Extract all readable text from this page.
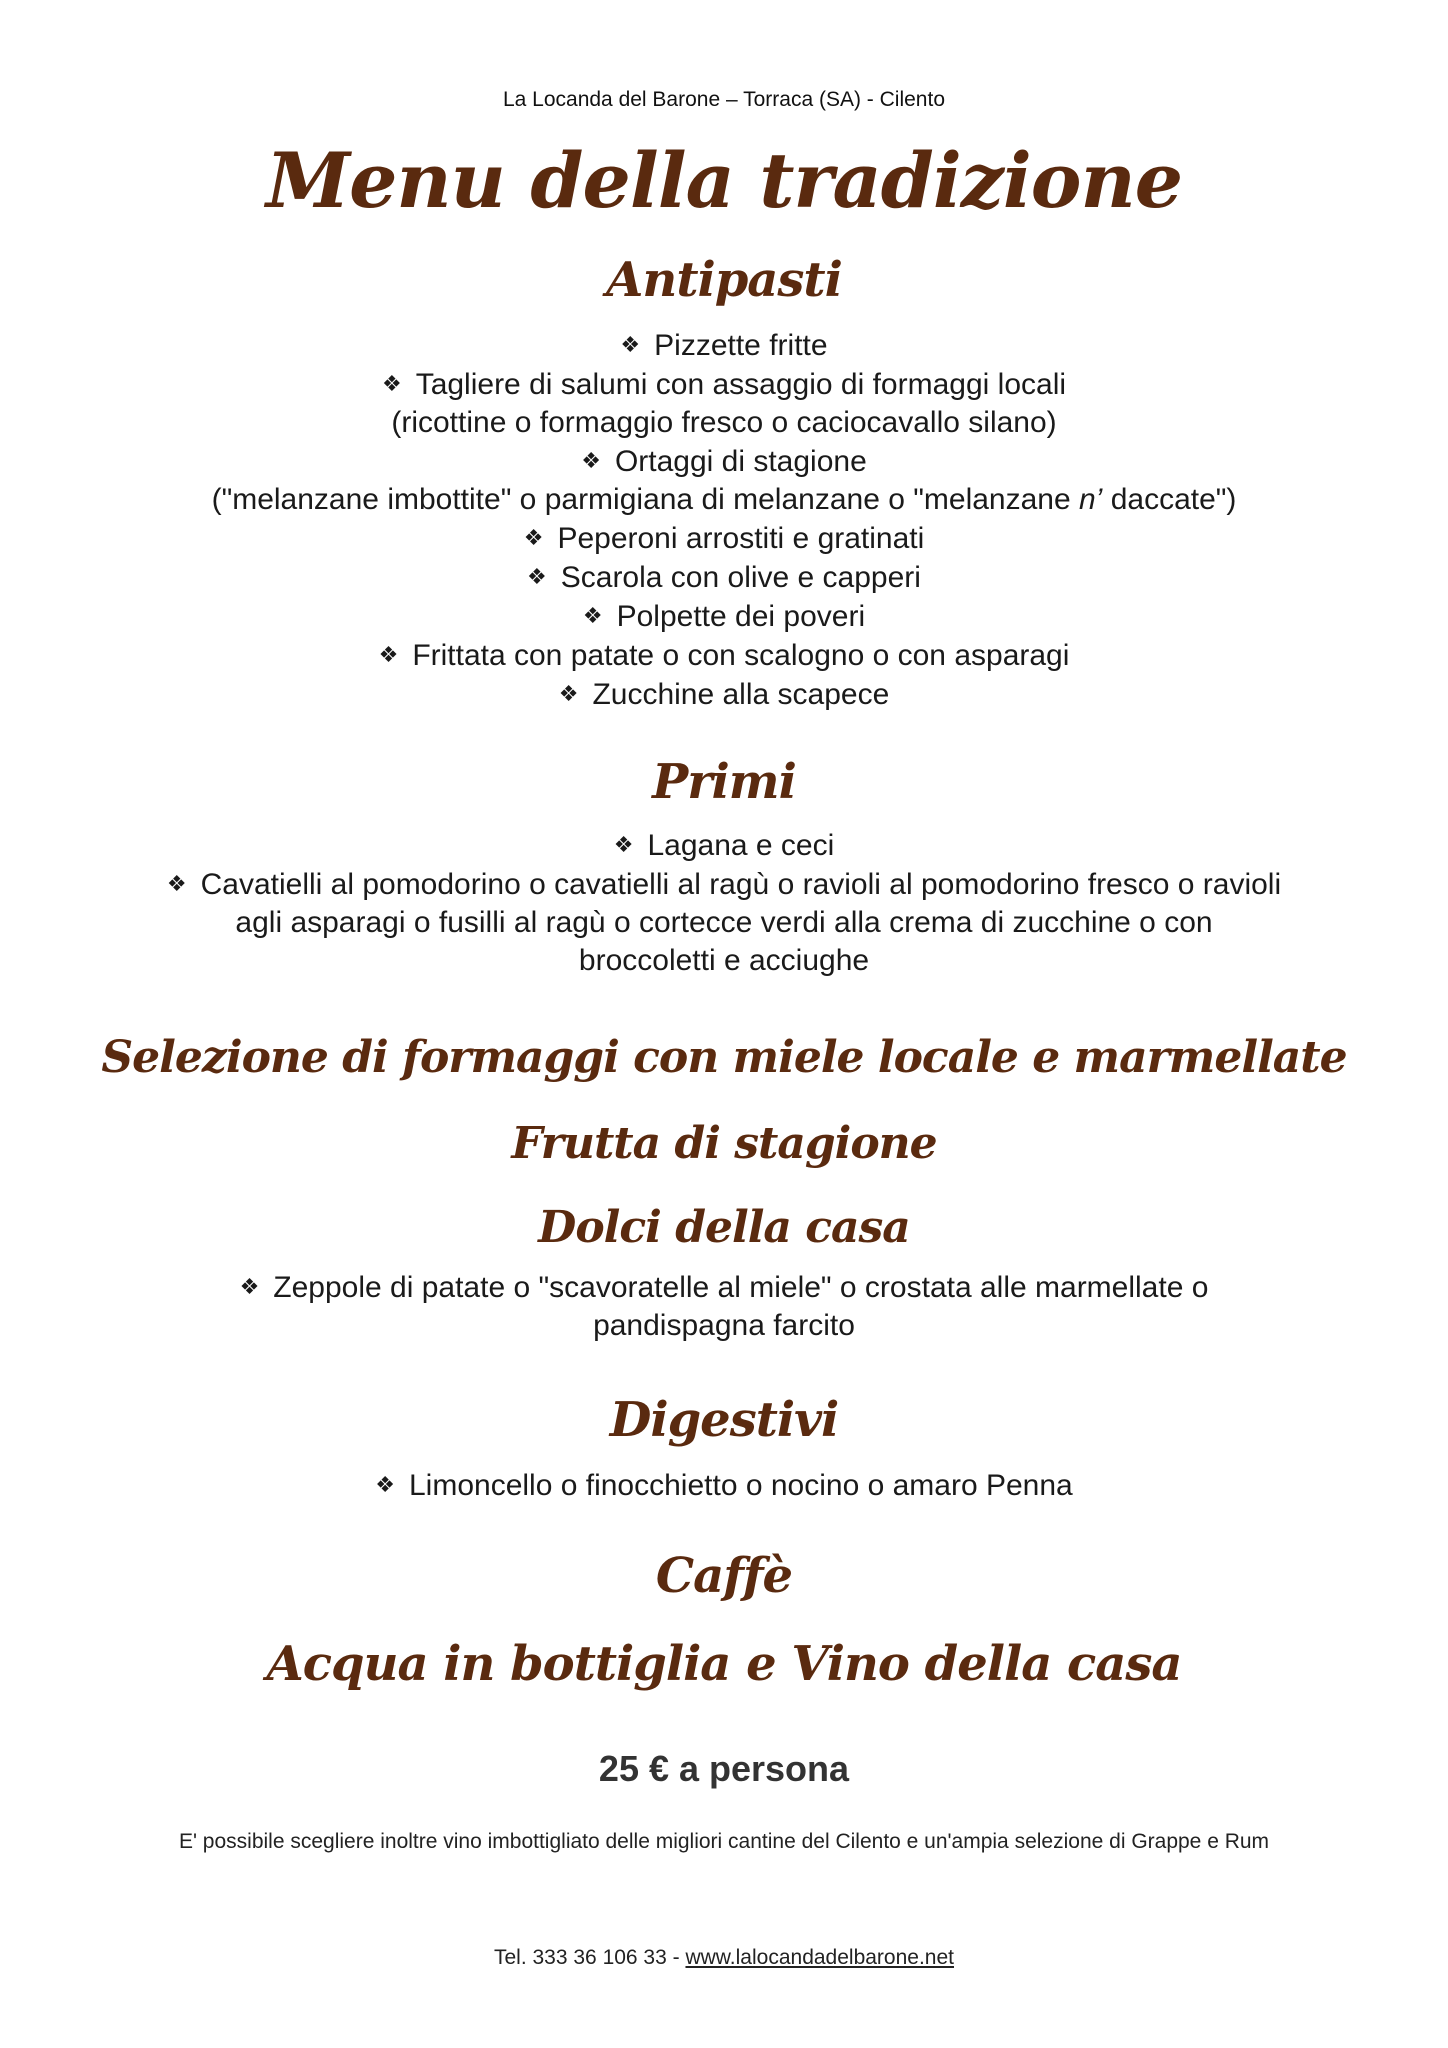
La Locanda del Barone – Torraca (SA) - Cilento
Menu della tradizione
Antipasti
❖ Pizzette fritte
❖ Tagliere di salumi con assaggio di formaggi locali
(ricottine o formaggio fresco o caciocavallo silano)
❖ Ortaggi di stagione
("melanzane imbottite" o parmigiana di melanzane o "melanzane n’ daccate")
❖ Peperoni arrostiti e gratinati
❖ Scarola con olive e capperi
❖ Polpette dei poveri
❖ Frittata con patate o con scalogno o con asparagi
❖ Zucchine alla scapece
Primi
❖ Lagana e ceci
❖ Cavatielli al pomodorino o cavatielli al ragù o ravioli al pomodorino fresco o ravioli
agli asparagi o fusilli al ragù o cortecce verdi alla crema di zucchine o con
broccoletti e acciughe
Selezione di formaggi con miele locale e marmellate
Frutta di stagione
Dolci della casa
❖ Zeppole di patate o "scavoratelle al miele" o crostata alle marmellate o
pandispagna farcito
Digestivi
❖ Limoncello o finocchietto o nocino o amaro Penna
Caffè
Acqua in bottiglia e Vino della casa
25 € a persona
E' possibile scegliere inoltre vino imbottigliato delle migliori cantine del Cilento e un'ampia selezione di Grappe e Rum
Tel. 333 36 106 33 - www.lalocandadelbarone.net
